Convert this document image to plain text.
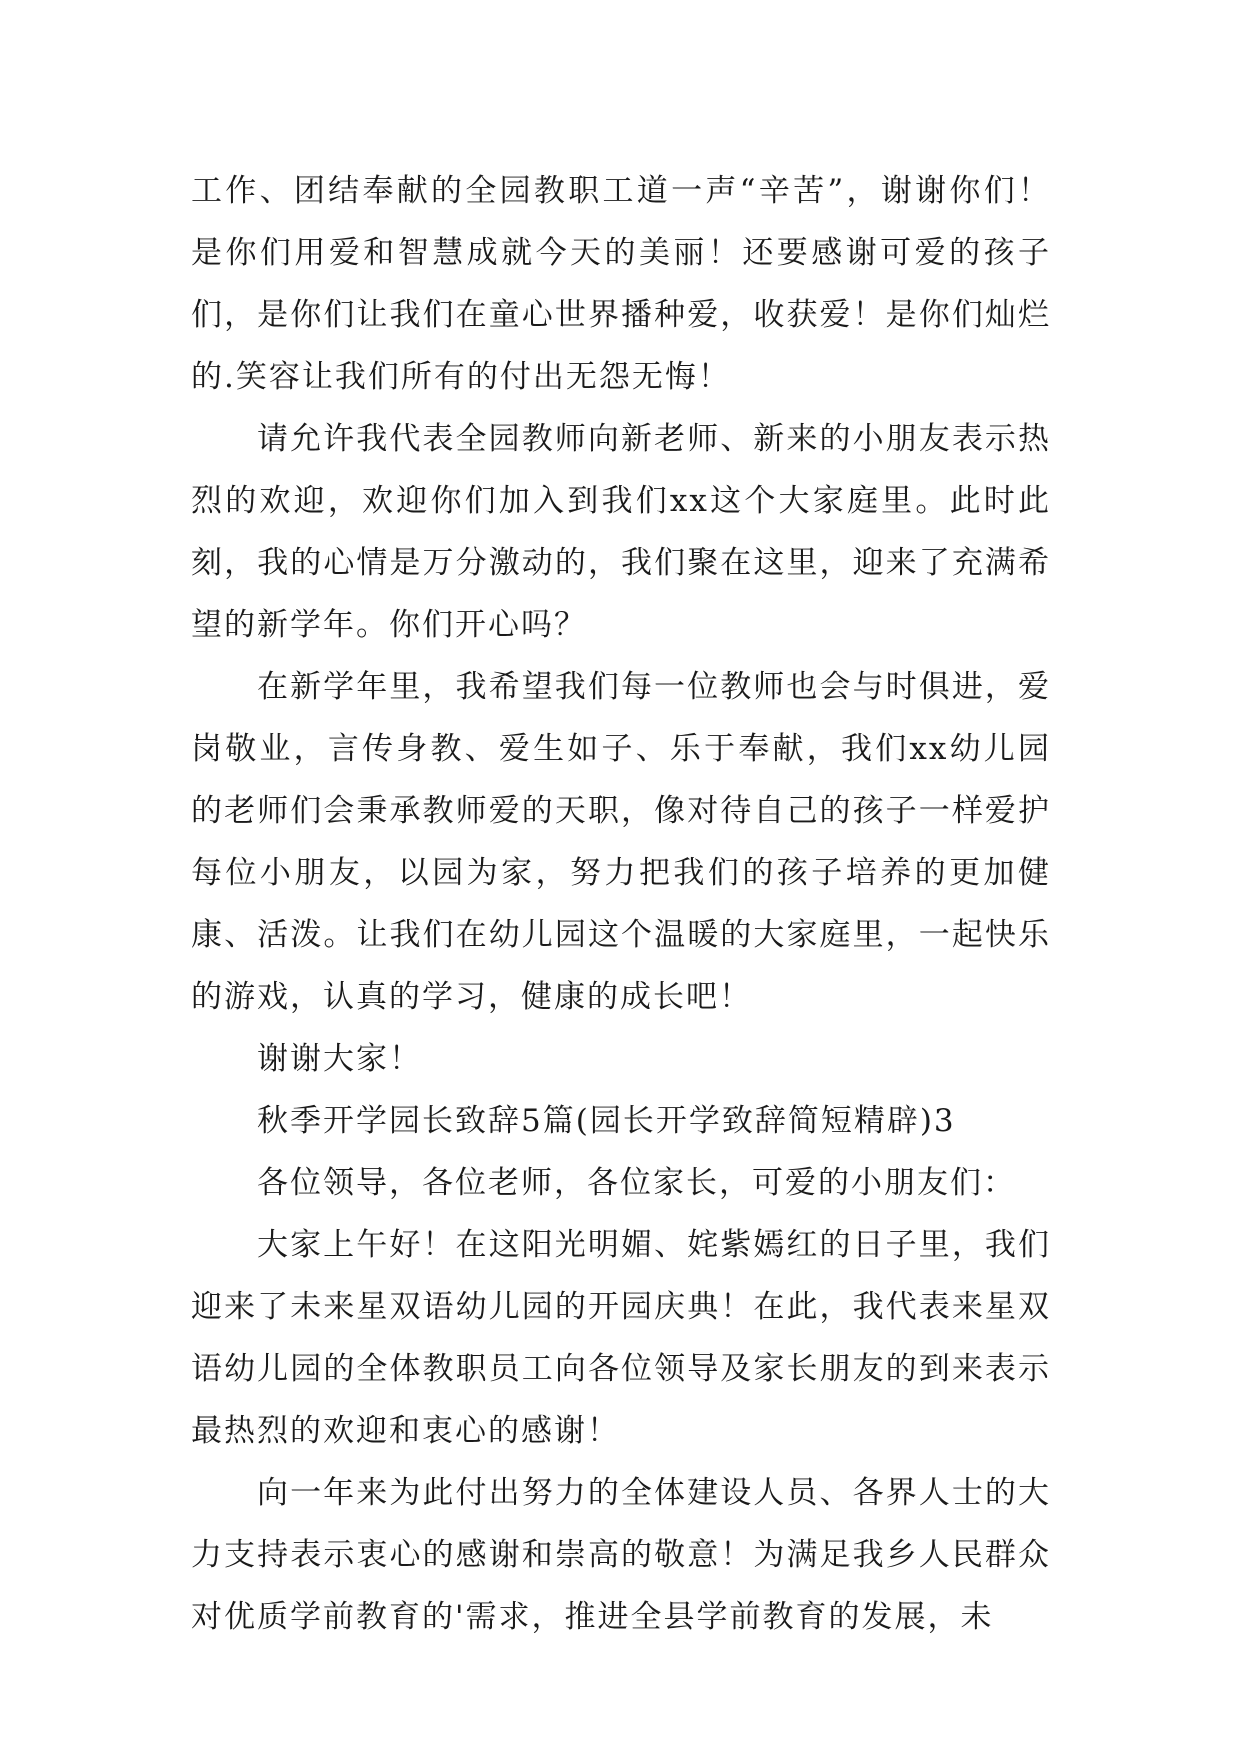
工作、团结奉献的全园教职工道一声“辛苦”，谢谢你们！是你们用爱和智慧成就今天的美丽！还要感谢可爱的孩子们，是你们让我们在童心世界播种爱，收获爱！是你们灿烂的.笑容让我们所有的付出无怨无悔！

请允许我代表全园教师向新老师、新来的小朋友表示热烈的欢迎，欢迎你们加入到我们xx这个大家庭里。此时此刻，我的心情是万分激动的，我们聚在这里，迎来了充满希望的新学年。你们开心吗？

在新学年里，我希望我们每一位教师也会与时俱进，爱岗敬业，言传身教、爱生如子、乐于奉献，我们xx幼儿园的老师们会秉承教师爱的天职，像对待自己的孩子一样爱护每位小朋友，以园为家，努力把我们的孩子培养的更加健康、活泼。让我们在幼儿园这个温暖的大家庭里，一起快乐的游戏，认真的学习，健康的成长吧！

谢谢大家！

秋季开学园长致辞5篇(园长开学致辞简短精辟)3

各位领导，各位老师，各位家长，可爱的小朋友们：

大家上午好！在这阳光明媚、姹紫嫣红的日子里，我们迎来了未来星双语幼儿园的开园庆典！在此，我代表来星双语幼儿园的全体教职员工向各位领导及家长朋友的到来表示最热烈的欢迎和衷心的感谢！

向一年来为此付出努力的全体建设人员、各界人士的大力支持表示衷心的感谢和崇高的敬意！为满足我乡人民群众对优质学前教育的'需求，推进全县学前教育的发展，未
